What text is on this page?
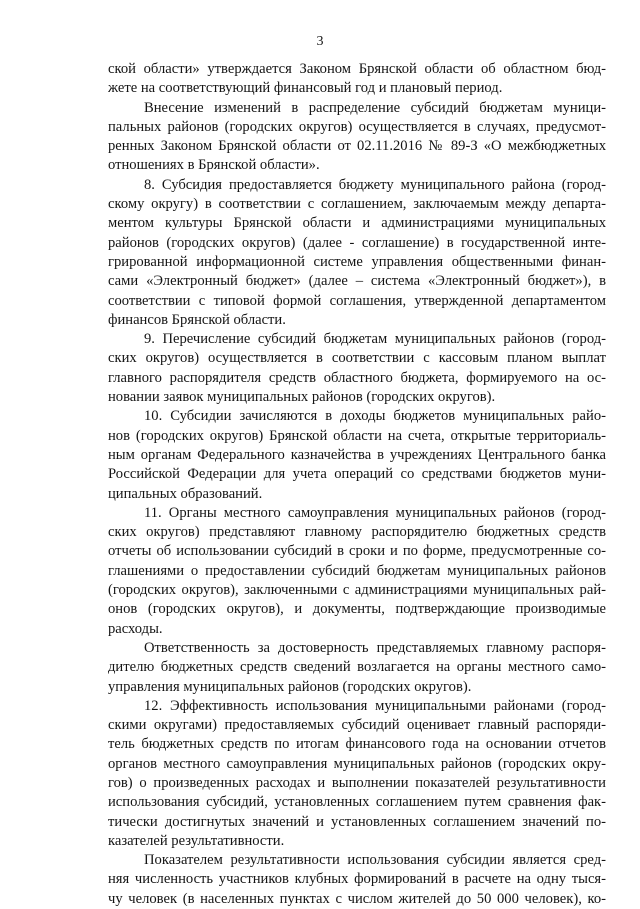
3
ской области» утверждается Законом Брянской области об областном бюд-
жете на соответствующий финансовый год и плановый период.
Внесение изменений в распределение субсидий бюджетам муници-
пальных районов (городских округов) осуществляется в случаях, предусмот-
ренных Законом Брянской области от 02.11.2016 № 89-З «О межбюджетных
отношениях в Брянской области».
8. Субсидия предоставляется бюджету муниципального района (город-
скому округу) в соответствии с соглашением, заключаемым между департа-
ментом культуры Брянской области и администрациями муниципальных
районов (городских округов) (далее - соглашение) в государственной инте-
грированной информационной системе управления общественными финан-
сами «Электронный бюджет» (далее – система «Электронный бюджет»), в
соответствии с типовой формой соглашения, утвержденной департаментом
финансов Брянской области.
9. Перечисление субсидий бюджетам муниципальных районов (город-
ских округов) осуществляется в соответствии с кассовым планом выплат
главного распорядителя средств областного бюджета, формируемого на ос-
новании заявок муниципальных районов (городских округов).
10. Субсидии зачисляются в доходы бюджетов муниципальных райо-
нов (городских округов) Брянской области на счета, открытые территориаль-
ным органам Федерального казначейства в учреждениях Центрального банка
Российской Федерации для учета операций со средствами бюджетов муни-
ципальных образований.
11. Органы местного самоуправления муниципальных районов (город-
ских округов) представляют главному распорядителю бюджетных средств
отчеты об использовании субсидий в сроки и по форме, предусмотренные со-
глашениями о предоставлении субсидий бюджетам муниципальных районов
(городских округов), заключенными с администрациями муниципальных рай-
онов (городских округов), и документы, подтверждающие производимые
расходы.
Ответственность за достоверность представляемых главному распоря-
дителю бюджетных средств сведений возлагается на органы местного само-
управления муниципальных районов (городских округов).
12. Эффективность использования муниципальными районами (город-
скими округами) предоставляемых субсидий оценивает главный распоряди-
тель бюджетных средств по итогам финансового года на основании отчетов
органов местного самоуправления муниципальных районов (городских окру-
гов) о произведенных расходах и выполнении показателей результативности
использования субсидий, установленных соглашением путем сравнения фак-
тически достигнутых значений и установленных соглашением значений по-
казателей результативности.
Показателем результативности использования субсидии является сред-
няя численность участников клубных формирований в расчете на одну тыся-
чу человек (в населенных пунктах с числом жителей до 50 000 человек), ко-
